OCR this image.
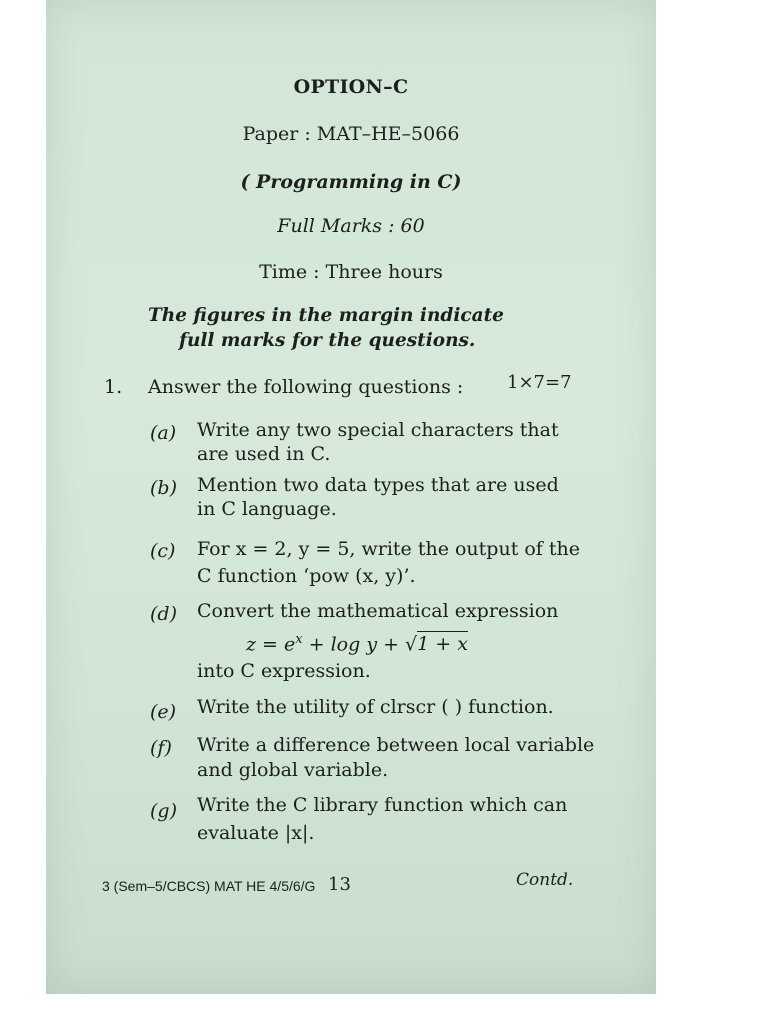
OPTION–C
Paper : MAT–HE–5066
( Programming in C)
Full Marks : 60
Time : Three hours
The figures in the margin indicate
full marks for the questions.
1. Answer the following questions : 1×7=7
(a) Write any two special characters that
are used in C.
(b) Mention two data types that are used
in C language.
(c) For x = 2, y = 5, write the output of the
C function ‘pow (x, y)’.
(d) Convert the mathematical expression
$z = e^x + \log y + √1 + x$
into C expression.
(e) Write the utility of clrscr ( ) function.
(f) Write a difference between local variable
and global variable.
(g) Write the C library function which can
evaluate |x|.
3 (Sem–5/CBCS) MAT HE 4/5/6/G 13	Contd.
